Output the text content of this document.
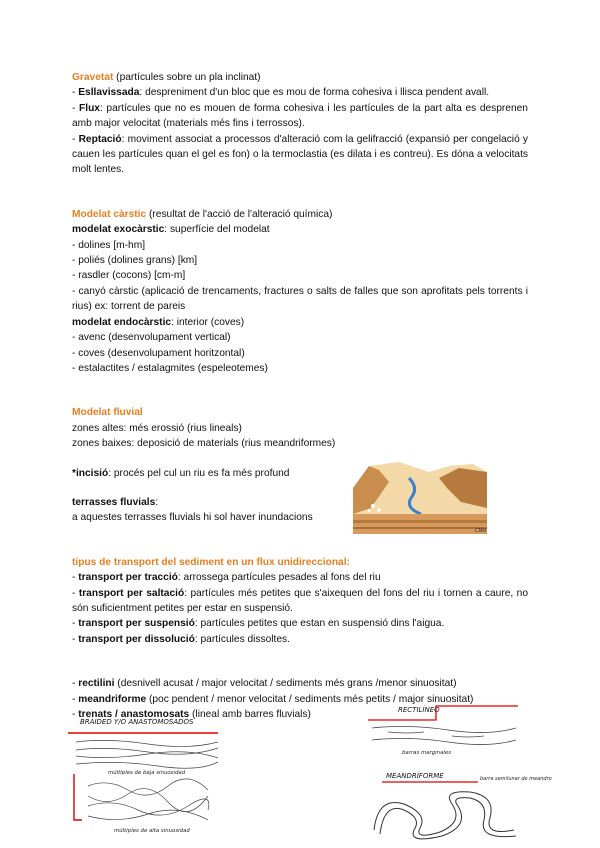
Gravetat (partícules sobre un pla inclinat)

- Esllavissada: despreniment d'un bloc que es mou de forma cohesiva i llisca pendent avall.

- Flux: partícules que no es mouen de forma cohesiva i les partícules de la part alta es desprenen amb major velocitat (materials més fins i terrossos).

- Reptació: moviment associat a processos d'alteració com la gelifracció (expansió per congelació y cauen les partícules quan el gel es fon) o la termoclastia (es dilata i es contreu). Es dóna a velocitats molt lentes.

Modelat càrstic (resultat de l'acció de l'alteració química)

modelat exocàrstic: superfície del modelat

- dolines [m-hm]

- poliés (dolines grans) [km]

- rasdler (cocons) [cm-m]

- canyó càrstic (aplicació de trencaments, fractures o salts de falles que son aprofitats pels torrents i rius) ex: torrent de pareis

modelat endocàrstic: interior (coves)

- avenc (desenvolupament vertical)

- coves (desenvolupament horitzontal)

- estalactites / estalagmites (espeleotemes)

Modelat fluvial

zones altes: més erossió (rius lineals)

zones baixes: deposició de materials (rius meandriformes)

*incisió: procés pel cul un riu es fa més profund

terrasses fluvials:

a aquestes terrasses fluvials hi sol haver inundacions

tipus de transport del sediment en un flux unidireccional:

- transport per tracció: arrossega partícules pesades al fons del riu

- transport per saltació: partícules més petites que s'aixequen del fons del riu i tornen a caure, no són suficientment petites per estar en suspensió.

- transport per suspensió: partícules petites que estan en suspensió dins l'aigua.

- transport per dissolució: partícules dissoltes.

- rectilini (desnivell acusat / major velocitat / sediments més grans /menor sinuositat)

- meandriforme (poc pendent / menor velocitat / sediments més petits / major sinuositat)

- trenats / anastomosats (lineal amb barres fluvials)

CNN
BRAIDED Y/O ANASTOMOSADOS
múltiples de baja sinuosidad
múltiples de alta sinuosidad
RECTILÍNEO
barras marginales
MEANDRÍFORME	barra semilunar de meandro
